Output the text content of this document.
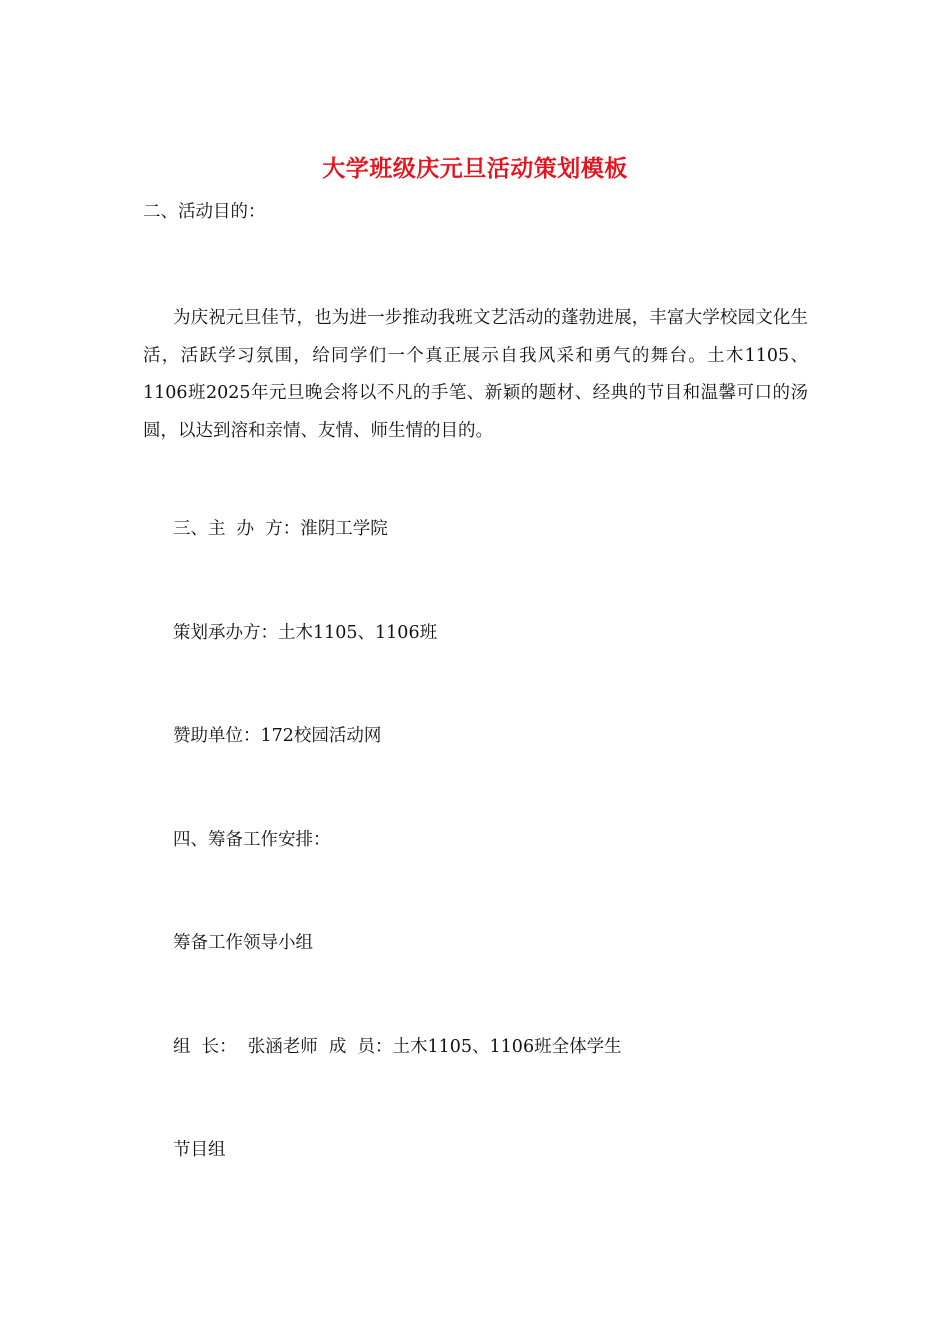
大学班级庆元旦活动策划模板
二、活动目的：
为庆祝元旦佳节，也为进一步推动我班文艺活动的蓬勃进展，丰富大学校园文化生活，活跃学习氛围，给同学们一个真正展示自我风采和勇气的舞台。土木1105、1106班2025年元旦晚会将以不凡的手笔、新颖的题材、经典的节目和温馨可口的汤圆，以达到溶和亲情、友情、师生情的目的。
三、主  办  方：淮阴工学院
策划承办方：土木1105、1106班
赞助单位：172校园活动网
四、筹备工作安排：
筹备工作领导小组
组  长：  张涵老师  成  员：土木1105、1106班全体学生
节目组
